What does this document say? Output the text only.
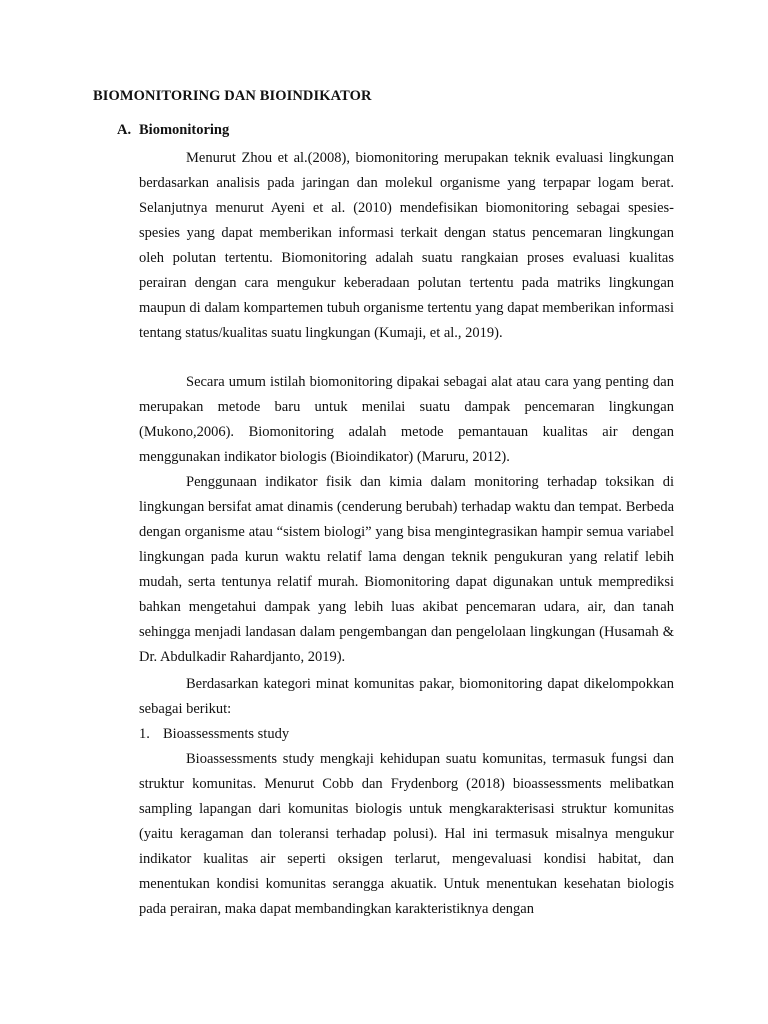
BIOMONITORING DAN BIOINDIKATOR
A. Biomonitoring

Menurut Zhou et al.(2008), biomonitoring merupakan teknik evaluasi lingkungan berdasarkan analisis pada jaringan dan molekul organisme yang terpapar logam berat. Selanjutnya menurut Ayeni et al. (2010) mendefisikan biomonitoring sebagai spesies-spesies yang dapat memberikan informasi terkait dengan status pencemaran lingkungan oleh polutan tertentu. Biomonitoring adalah suatu rangkaian proses evaluasi kualitas perairan dengan cara mengukur keberadaan polutan tertentu pada matriks lingkungan maupun di dalam kompartemen tubuh organisme tertentu yang dapat memberikan informasi tentang status/kualitas suatu lingkungan (Kumaji, et al., 2019).

Secara umum istilah biomonitoring dipakai sebagai alat atau cara yang penting dan merupakan metode baru untuk menilai suatu dampak pencemaran lingkungan (Mukono,2006). Biomonitoring adalah metode pemantauan kualitas air dengan menggunakan indikator biologis (Bioindikator) (Maruru, 2012).

Penggunaan indikator fisik dan kimia dalam monitoring terhadap toksikan di lingkungan bersifat amat dinamis (cenderung berubah) terhadap waktu dan tempat. Berbeda dengan organisme atau “sistem biologi” yang bisa mengintegrasikan hampir semua variabel lingkungan pada kurun waktu relatif lama dengan teknik pengukuran yang relatif lebih mudah, serta tentunya relatif murah. Biomonitoring dapat digunakan untuk memprediksi bahkan mengetahui dampak yang lebih luas akibat pencemaran udara, air, dan tanah sehingga menjadi landasan dalam pengembangan dan pengelolaan lingkungan (Husamah & Dr. Abdulkadir Rahardjanto, 2019).

Berdasarkan kategori minat komunitas pakar, biomonitoring dapat dikelompokkan sebagai berikut:

1. Bioassessments study

Bioassessments study mengkaji kehidupan suatu komunitas, termasuk fungsi dan struktur komunitas. Menurut Cobb dan Frydenborg (2018) bioassessments melibatkan sampling lapangan dari komunitas biologis untuk mengkarakterisasi struktur komunitas (yaitu keragaman dan toleransi terhadap polusi). Hal ini termasuk misalnya mengukur indikator kualitas air seperti oksigen terlarut, mengevaluasi kondisi habitat, dan menentukan kondisi komunitas serangga akuatik. Untuk menentukan kesehatan biologis pada perairan, maka dapat membandingkan karakteristiknya dengan
